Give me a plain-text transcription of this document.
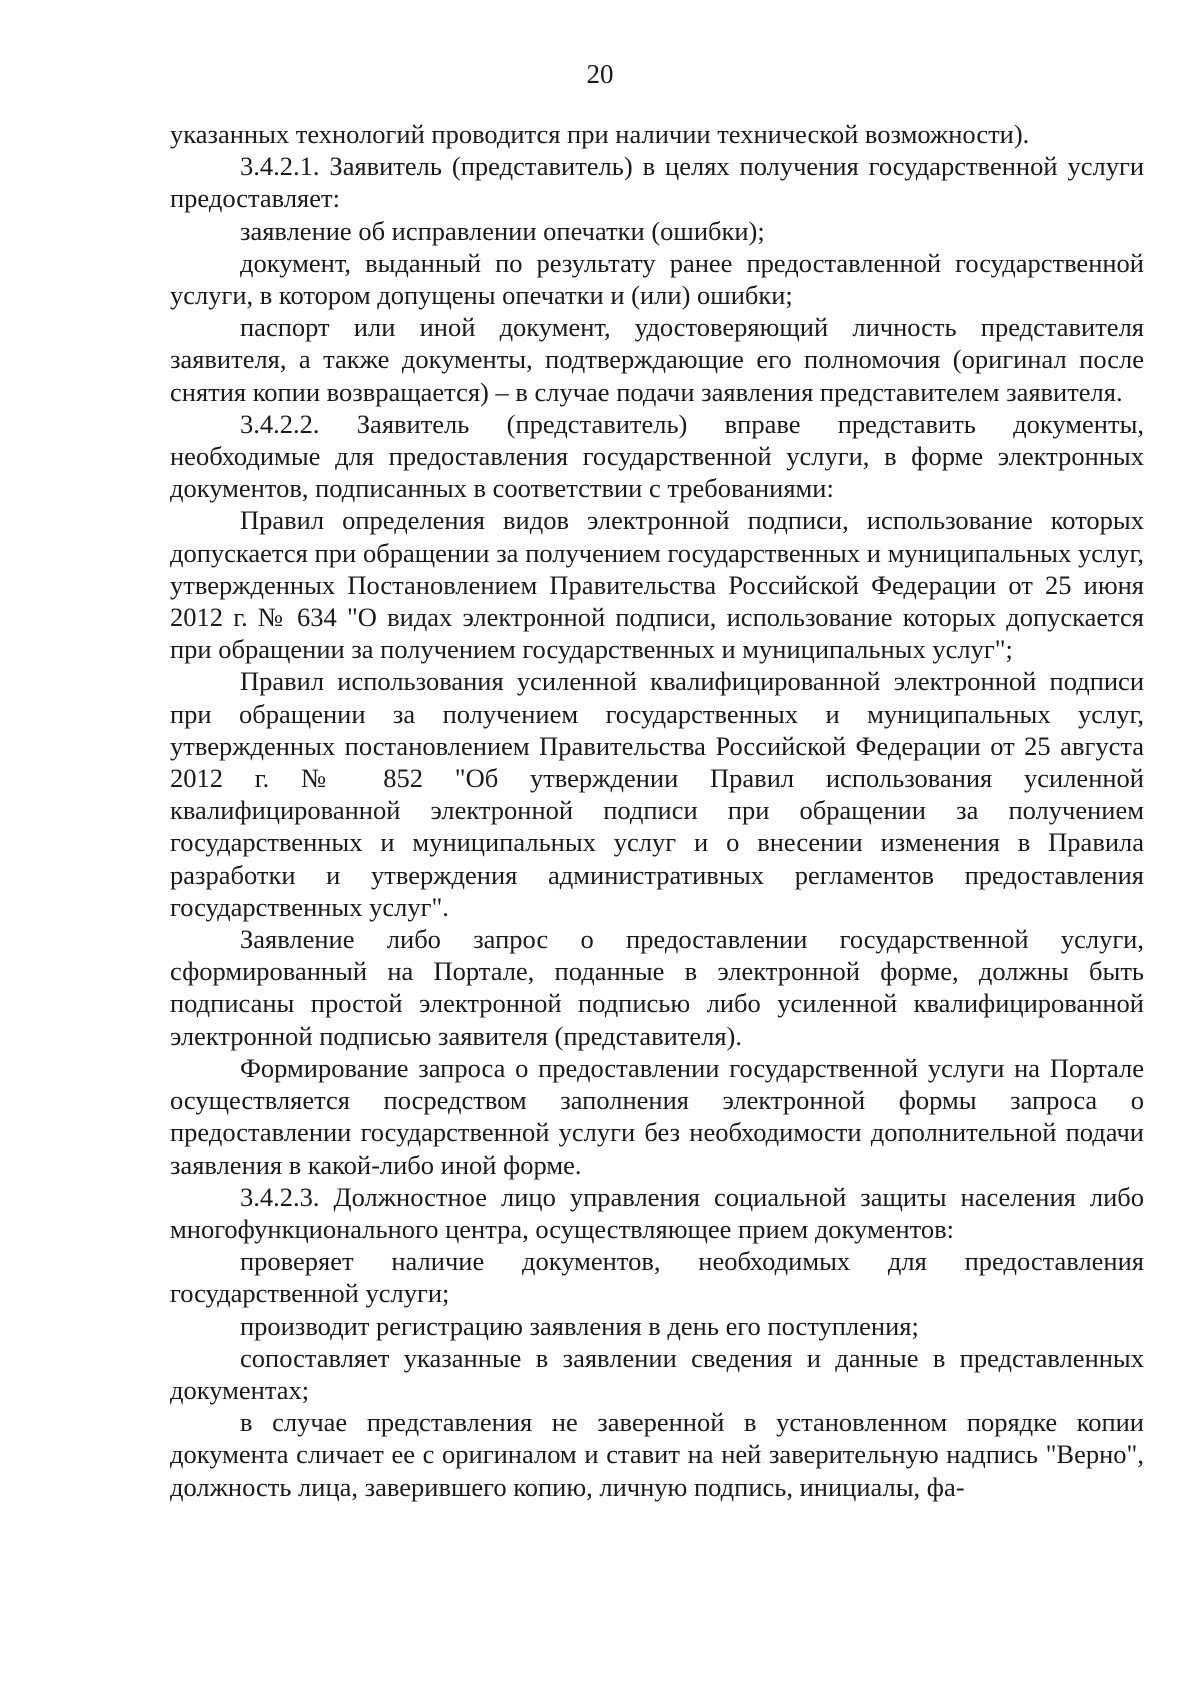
20

указанных технологий проводится при наличии технической возможности).

3.4.2.1. Заявитель (представитель) в целях получения государственной услуги предоставляет:

заявление об исправлении опечатки (ошибки);

документ, выданный по результату ранее предоставленной государственной услуги, в котором допущены опечатки и (или) ошибки;

паспорт или иной документ, удостоверяющий личность представителя заявителя, а также документы, подтверждающие его полномочия (оригинал после снятия копии возвращается) – в случае подачи заявления представителем заявителя.

3.4.2.2. Заявитель (представитель) вправе представить документы, необходимые для предоставления государственной услуги, в форме электронных документов, подписанных в соответствии с требованиями:

Правил определения видов электронной подписи, использование которых допускается при обращении за получением государственных и муниципальных услуг, утвержденных Постановлением Правительства Российской Федерации от 25 июня 2012 г. № 634 "О видах электронной подписи, использование которых допускается при обращении за получением государственных и муниципальных услуг";

Правил использования усиленной квалифицированной электронной подписи при обращении за получением государственных и муниципальных услуг, утвержденных постановлением Правительства Российской Федерации от 25 августа 2012 г. № 852 "Об утверждении Правил использования усиленной квалифицированной электронной подписи при обращении за получением государственных и муниципальных услуг и о внесении изменения в Правила разработки и утверждения административных регламентов предоставления государственных услуг".

Заявление либо запрос о предоставлении государственной услуги, сформированный на Портале, поданные в электронной форме, должны быть подписаны простой электронной подписью либо усиленной квалифицированной электронной подписью заявителя (представителя).

Формирование запроса о предоставлении государственной услуги на Портале осуществляется посредством заполнения электронной формы запроса о предоставлении государственной услуги без необходимости дополнительной подачи заявления в какой-либо иной форме.

3.4.2.3. Должностное лицо управления социальной защиты населения либо многофункционального центра, осуществляющее прием документов:

проверяет наличие документов, необходимых для предоставления государственной услуги;

производит регистрацию заявления в день его поступления;

сопоставляет указанные в заявлении сведения и данные в представленных документах;

в случае представления не заверенной в установленном порядке копии документа сличает ее с оригиналом и ставит на ней заверительную надпись "Верно", должность лица, заверившего копию, личную подпись, инициалы, фа-
